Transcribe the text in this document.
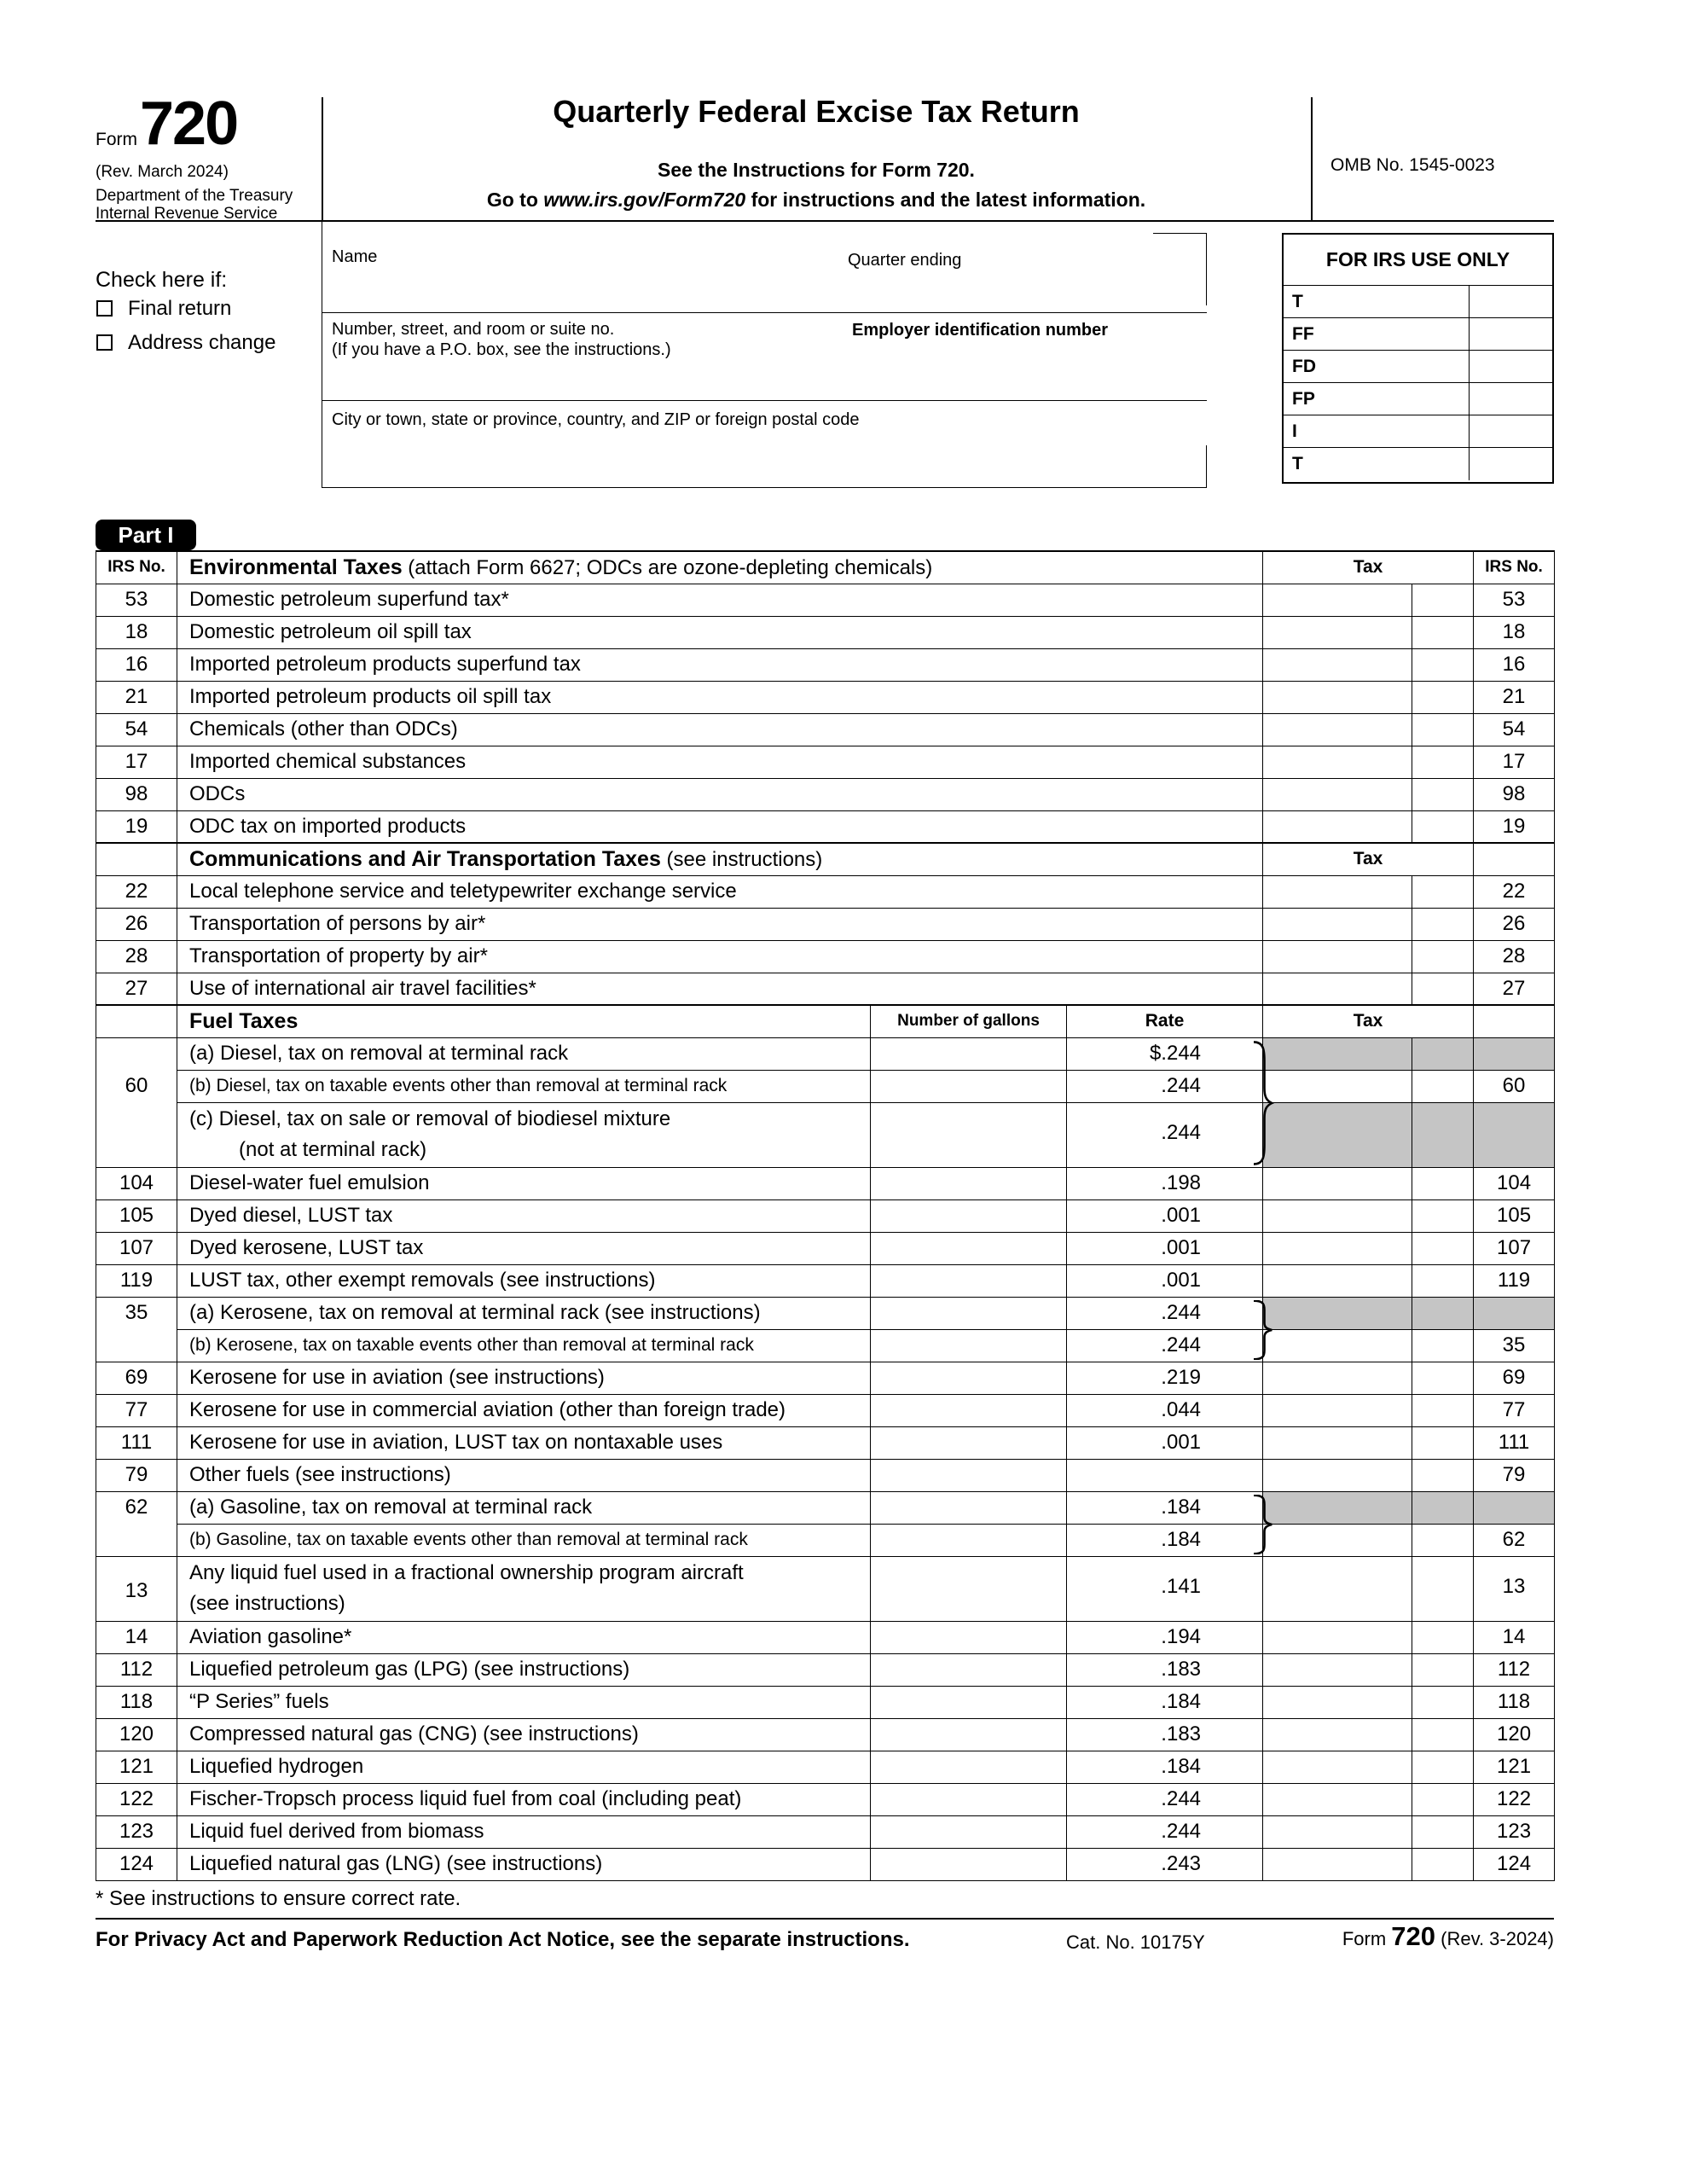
Form 720
(Rev. March 2024)
Department of the Treasury
Internal Revenue Service
Quarterly Federal Excise Tax Return
See the Instructions for Form 720.
Go to www.irs.gov/Form720 for instructions and the latest information.
OMB No. 1545-0023
Check here if:
Final return
Address change
Name	Quarter ending
Number, street, and room or suite no.
(If you have a P.O. box, see the instructions.)
Employer identification number
City or town, state or province, country, and ZIP or foreign postal code
FOR IRS USE ONLY
T
FF
FD
FP
I
T
Part I
IRS No.	Environmental Taxes (attach Form 6627; ODCs are ozone-depleting chemicals)			Tax		IRS No.
53	Domestic petroleum superfund tax*					53
18	Domestic petroleum oil spill tax					18
16	Imported petroleum products superfund tax					16
21	Imported petroleum products oil spill tax					21
54	Chemicals (other than ODCs)					54
17	Imported chemical substances					17
98	ODCs					98
19	ODC tax on imported products					19
	Communications and Air Transportation Taxes (see instructions)			Tax		
22	Local telephone service and teletypewriter exchange service					22
26	Transportation of persons by air*					26
28	Transportation of property by air*					28
27	Use of international air travel facilities*					27
	Fuel Taxes	Number of gallons	Rate	Tax		
	(a) Diesel, tax on removal at terminal rack		$.244

60	(b) Diesel, tax on taxable events other than removal at terminal rack		.244			60

	(c) Diesel, tax on sale or removal of biodiesel mixture
(not at terminal rack)		.244			
104	Diesel-water fuel emulsion		.198			104
105	Dyed diesel, LUST tax		.001			105
107	Dyed kerosene, LUST tax		.001			107
119	LUST tax, other exempt removals (see instructions)		.001			119
35	(a) Kerosene, tax on removal at terminal rack (see instructions)		.244

	(b) Kerosene, tax on taxable events other than removal at terminal rack		.244			35
69	Kerosene for use in aviation (see instructions)		.219			69
77	Kerosene for use in commercial aviation (other than foreign trade)		.044			77
111	Kerosene for use in aviation, LUST tax on nontaxable uses		.001			111
79	Other fuels (see instructions)					79
62	(a) Gasoline, tax on removal at terminal rack		.184

	(b) Gasoline, tax on taxable events other than removal at terminal rack		.184			62
13	Any liquid fuel used in a fractional ownership program aircraft
(see instructions)		.141			13
14	Aviation gasoline*		.194			14
112	Liquefied petroleum gas (LPG) (see instructions)		.183			112
118	“P Series” fuels		.184			118
120	Compressed natural gas (CNG) (see instructions)		.183			120
121	Liquefied hydrogen		.184			121
122	Fischer-Tropsch process liquid fuel from coal (including peat)		.244			122
123	Liquid fuel derived from biomass		.244			123
124	Liquefied natural gas (LNG) (see instructions)		.243			124
* See instructions to ensure correct rate.
For Privacy Act and Paperwork Reduction Act Notice, see the separate instructions.	Cat. No. 10175Y	Form 720 (Rev. 3-2024)
